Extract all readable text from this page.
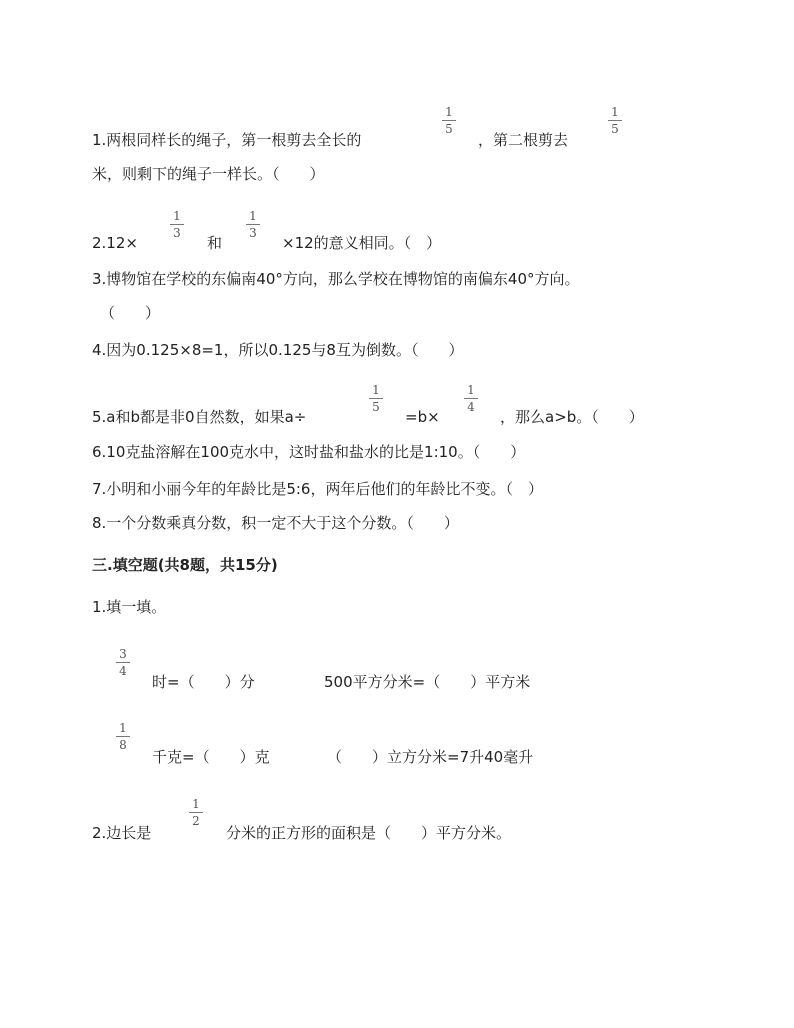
1.两根同样长的绳子，第一根剪去全长的
1
5
，第二根剪去
1
5
米，则剩下的绳子一样长。（　　）
2.12×
1
3
和
1
3
×12的意义相同。（　）
3.博物馆在学校的东偏南40°方向，那么学校在博物馆的南偏东40°方向。
（　　）
4.因为0.125×8=1，所以0.125与8互为倒数。（　　）
5.a和b都是非0自然数，如果a÷
1
5
=b×
1
4
，那么a>b。（　　）
6.10克盐溶解在100克水中，这时盐和盐水的比是1:10。（　　）
7.小明和小丽今年的年龄比是5:6，两年后他们的年龄比不变。（　）
8.一个分数乘真分数，积一定不大于这个分数。（　　）
三.填空题(共8题，共15分)
1.填一填。
3
4
时=（　　）分	500平方分米=（　　）平方米
1
8
千克=（　　）克	（　　）立方分米=7升40毫升
2.边长是
1
2
分米的正方形的面积是（　　）平方分米。
